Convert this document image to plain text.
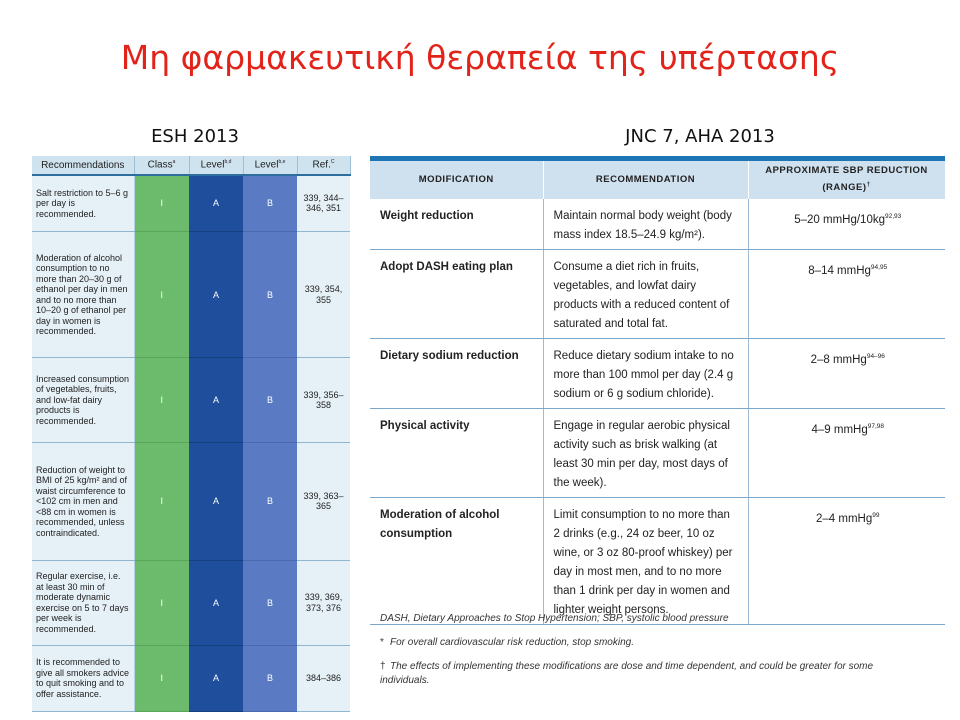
Μη φαρμακευτική θεραπεία της υπέρτασης
ESH 2013	JNC 7, AHA 2013
Recommendations	Class$^a$	Level$^{b,d}$	Level$^{b,e}$	Ref.$^C$
Salt restriction to 5–6 g per day is recommended.	I	A	B	339, 344–346, 351
Moderation of alcohol consumption to no more than 20–30 g of ethanol per day in men and to no more than 10–20 g of ethanol per day in women is recommended.	I	A	B	339, 354, 355
Increased consumption of vegetables, fruits, and low-fat dairy products is recommended.	I	A	B	339, 356–358
Reduction of weight to BMI of 25 kg/m² and of waist circumference to <102 cm in men and <88 cm in women is recommended, unless contraindicated.	I	A	B	339, 363–365
Regular exercise, i.e. at least 30 min of moderate dynamic exercise on 5 to 7 days per week is recommended.	I	A	B	339, 369, 373, 376
It is recommended to give all smokers advice to quit smoking and to offer assistance.	I	A	B	384–386
MODIFICATION	RECOMMENDATION	APPROXIMATE SBP REDUCTION
(RANGE)†
Weight reduction	Maintain normal body weight (body mass index 18.5–24.9 kg/m²).	5–20 mmHg/10kg$^{92,93}$
Adopt DASH eating plan	Consume a diet rich in fruits, vegetables, and lowfat dairy products with a reduced content of saturated and total fat.	8–14 mmHg$^{94,95}$
Dietary sodium reduction	Reduce dietary sodium intake to no more than 100 mmol per day (2.4 g sodium or 6 g sodium chloride).	2–8 mmHg$^{94-96}$
Physical activity	Engage in regular aerobic physical activity such as brisk walking (at least 30 min per day, most days of the week).	4–9 mmHg$^{97,98}$
Moderation of alcohol consumption	Limit consumption to no more than 2 drinks (e.g., 24 oz beer, 10 oz wine, or 3 oz 80-proof whiskey) per day in most men, and to no more than 1 drink per day in women and lighter weight persons.	2–4 mmHg$^{99}$
DASH, Dietary Approaches to Stop Hypertension; SBP, systolic blood pressure
* For overall cardiovascular risk reduction, stop smoking.
† The effects of implementing these modifications are dose and time dependent, and could be greater for some individuals.
